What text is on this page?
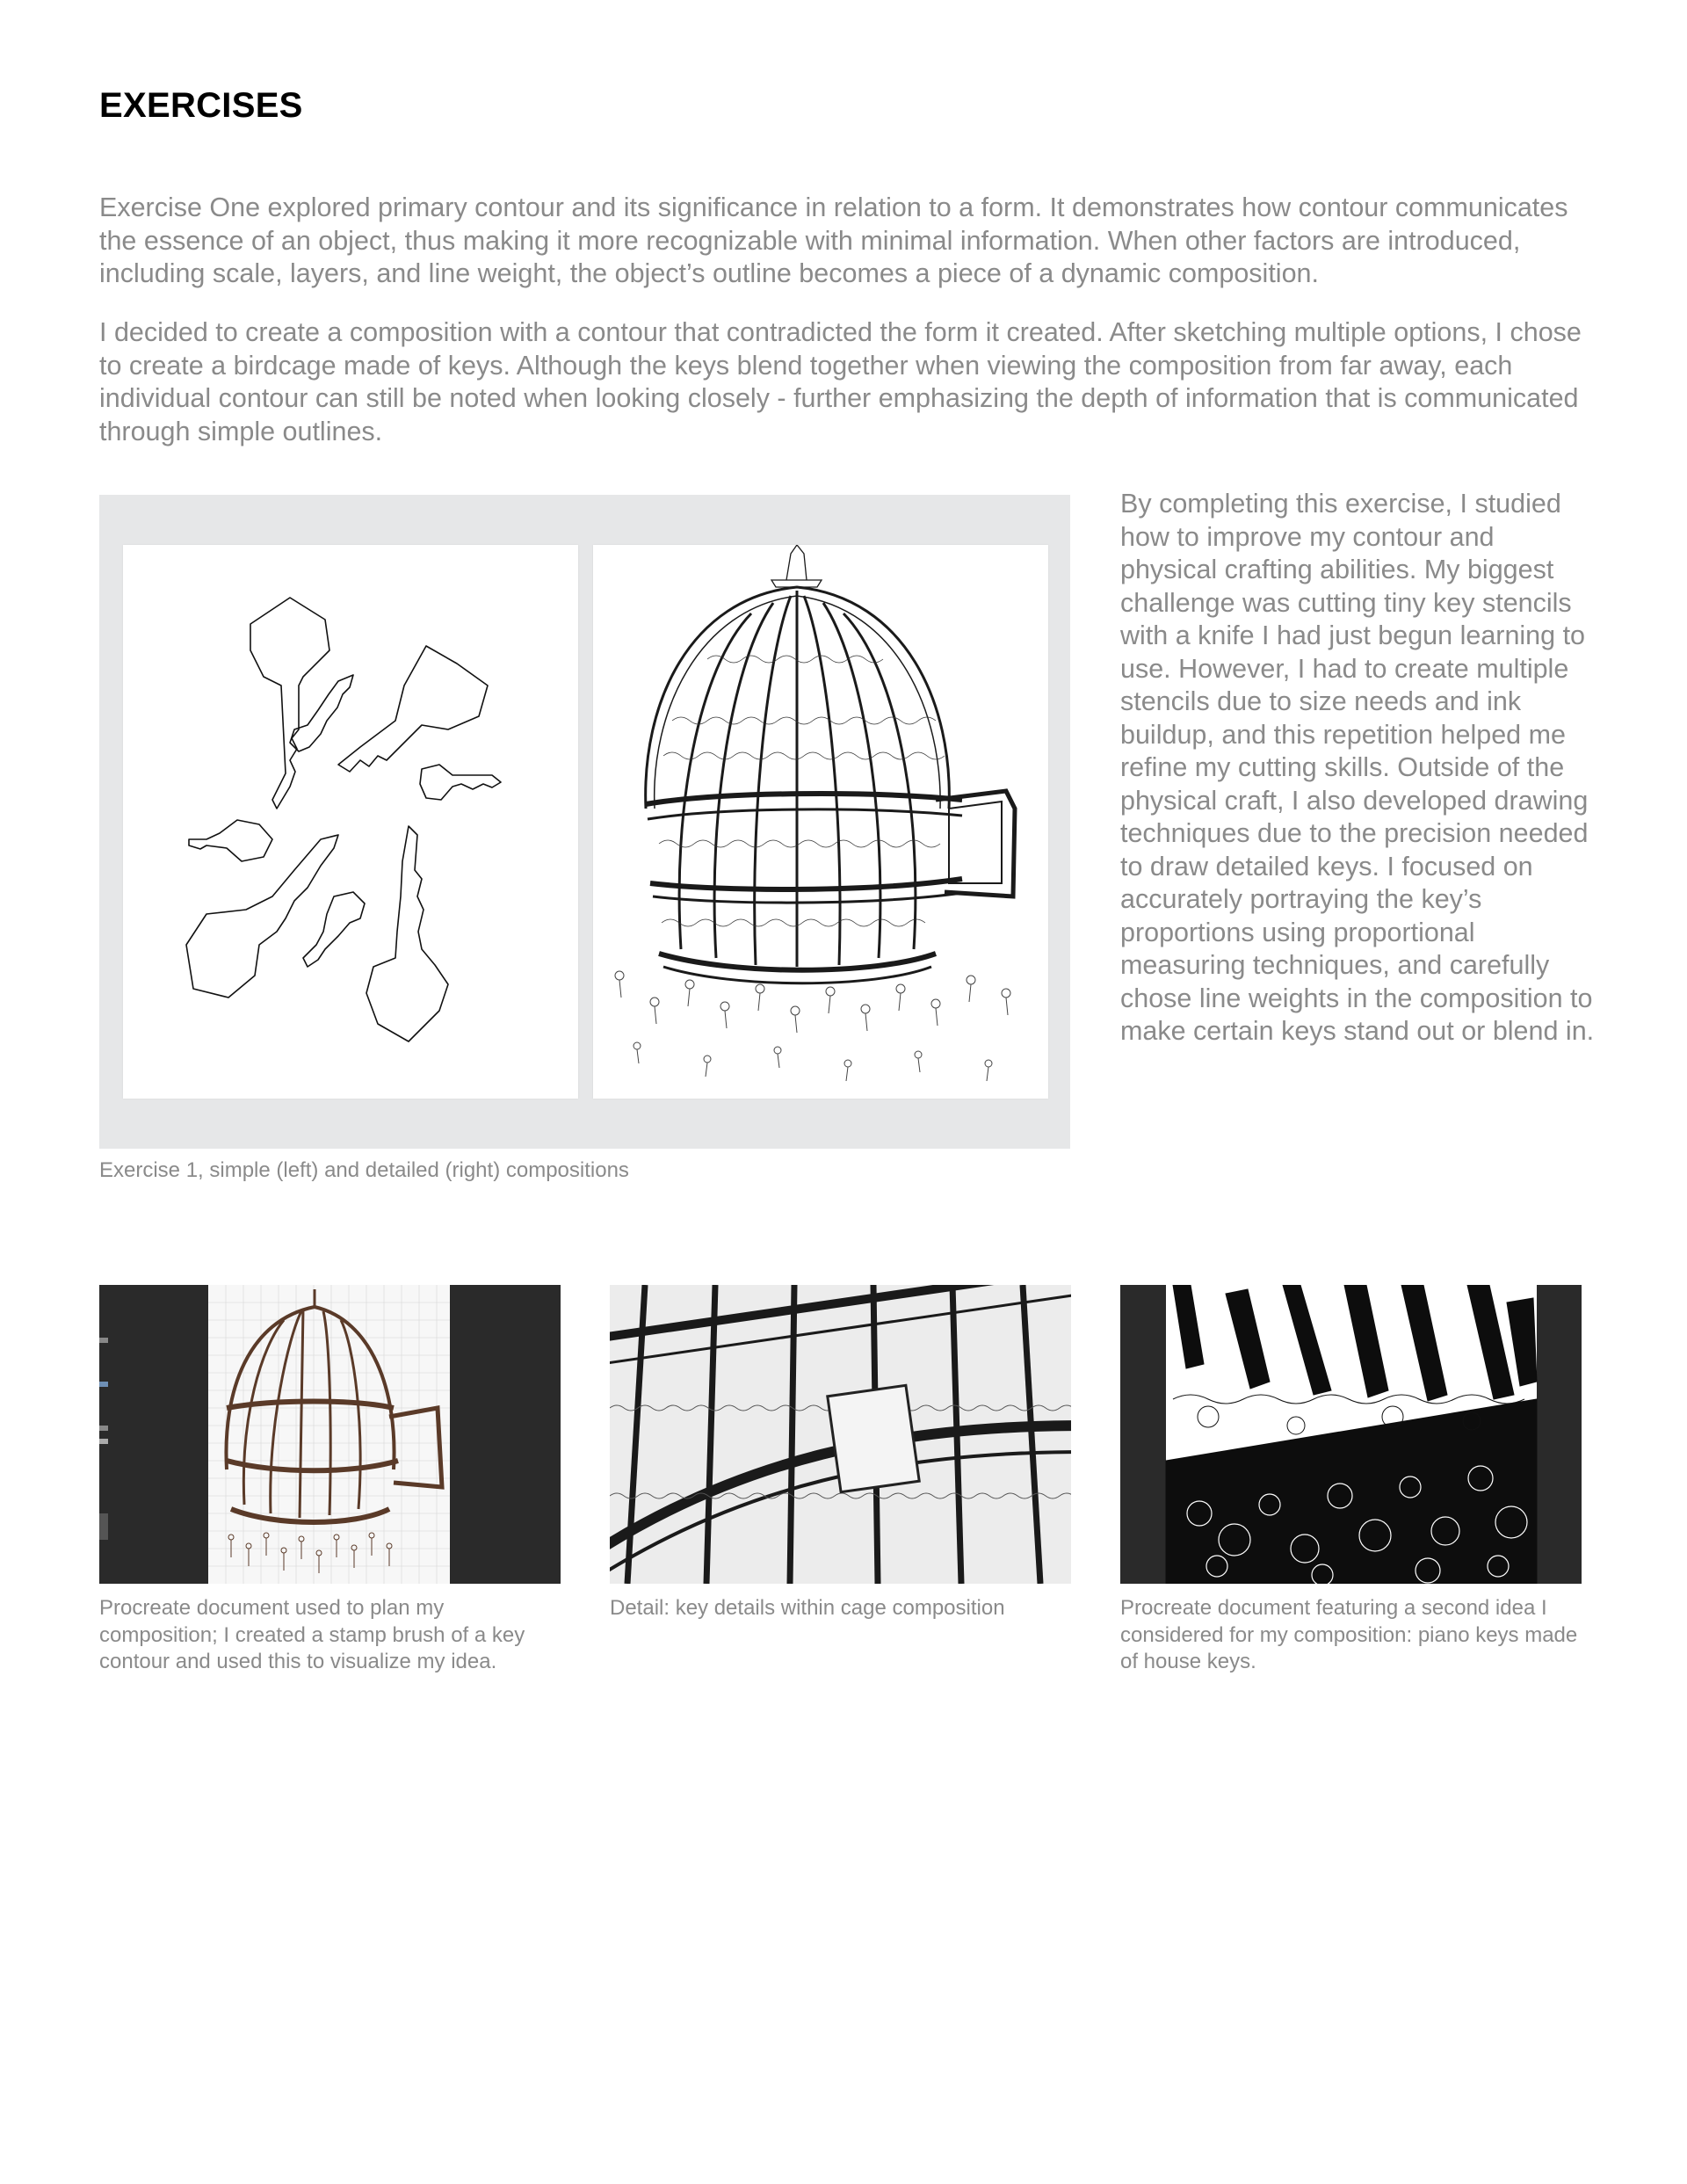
EXERCISES

Exercise One explored primary contour and its significance in relation to a form. It demonstrates how contour communicates the essence of an object, thus making it more recognizable with minimal information. When other factors are introduced, including scale, layers, and line weight, the object’s outline becomes a piece of a dynamic composition.

I decided to create a composition with a contour that contradicted the form it created. After sketching multiple options, I chose to create a birdcage made of keys. Although the keys blend together when viewing the composition from far away, each individual contour can still be noted when looking closely - further emphasizing the depth of information that is communicated through simple outlines.

By completing this exercise, I studied how to improve my contour and physical crafting abilities. My biggest challenge was cutting tiny key stencils with a knife I had just begun learning to use. However, I had to create multiple stencils due to size needs and ink buildup, and this repetition helped me refine my cutting skills. Outside of the physical craft, I also developed drawing techniques due to the precision needed to draw detailed keys. I focused on accurately portraying the key’s proportions using proportional measuring techniques, and carefully chose line weights in the composition to make certain keys stand out or blend in.

Exercise 1, simple (left) and detailed (right) compositions

Procreate document used to plan my composition; I created a stamp brush of a key contour and used this to visualize my idea.

Detail: key details within cage composition	Procreate document featuring a second idea I considered for my composition: piano keys made of house keys.
